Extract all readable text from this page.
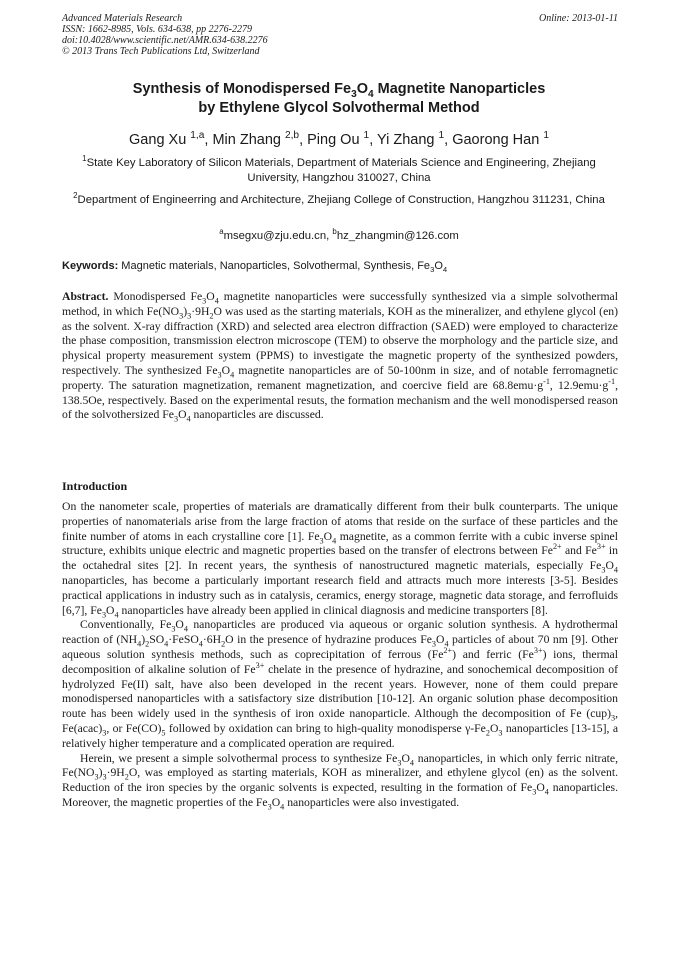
Advanced Materials Research
ISSN: 1662-8985, Vols. 634-638, pp 2276-2279
doi:10.4028/www.scientific.net/AMR.634-638.2276
© 2013 Trans Tech Publications Ltd, Switzerland
Online: 2013-01-11
Synthesis of Monodispersed $Fe_3O_4$ Magnetite Nanoparticles
by Ethylene Glycol Solvothermal Method
Gang Xu $^{1,a}$, Min Zhang $^{2,b}$, Ping Ou $^1$, Yi Zhang $^1$, Gaorong Han $^1$
$^1$State Key Laboratory of Silicon Materials, Department of Materials Science and Engineering, Zhejiang University, Hangzhou 310027, China
$^2$Department of Engineerring and Architecture, Zhejiang College of Construction, Hangzhou 311231, China
$^a$msegxu@zju.edu.cn, $^b$hz_zhangmin@126.com
Keywords: Magnetic materials, Nanoparticles, Solvothermal, Synthesis, $Fe_3O_4$
Abstract. Monodispersed $Fe_3O_4$ magnetite nanoparticles were successfully synthesized via a simple solvothermal method, in which $Fe(NO_3)_3\cdot 9H_2O$ was used as the starting materials, KOH as the mineralizer, and ethylene glycol (en) as the solvent. X-ray diffraction (XRD) and selected area electron diffraction (SAED) were employed to characterize the phase composition, transmission electron microscope (TEM) to observe the morphology and the particle size, and physical property measurement system (PPMS) to investigate the magnetic property of the synthesized powders, respectively. The synthesized $Fe_3O_4$ magnetite nanoparticles are of 50-100nm in size, and of notable ferromagnetic property. The saturation magnetization, remanent magnetization, and coercive field are $68.8emu\cdot g^{-1}$, $12.9emu\cdot g^{-1}$, 138.5Oe, respectively. Based on the experimental resuts, the formation mechanism and the well monodispersed reason of the solvothersized $Fe_3O_4$ nanoparticles are discussed.
Introduction

On the nanometer scale, properties of materials are dramatically different from their bulk counterparts. The unique properties of nanomaterials arise from the large fraction of atoms that reside on the surface of these particles and the finite number of atoms in each crystalline core [1]. $Fe_3O_4$ magnetite, as a common ferrite with a cubic inverse spinel structure, exhibits unique electric and magnetic properties based on the transfer of electrons between $Fe^{2+}$ and $Fe^{3+}$ in the octahedral sites [2]. In recent years, the synthesis of nanostructured magnetic materials, especially $Fe_3O_4$ nanoparticles, has become a particularly important research field and attracts much more interests [3-5]. Besides practical applications in industry such as in catalysis, ceramics, energy storage, magnetic data storage, and ferrofluids [6,7], $Fe_3O_4$ nanoparticles have already been applied in clinical diagnosis and medicine transporters [8].

Conventionally, $Fe_3O_4$ nanoparticles are produced via aqueous or organic solution synthesis. A hydrothermal reaction of $(NH_4)_2SO_4\cdot FeSO_4\cdot 6H_2O$ in the presence of hydrazine produces $Fe_3O_4$ particles of about 70 nm [9]. Other aqueous solution synthesis methods, such as coprecipitation of ferrous $(Fe^{2+})$ and ferric $(Fe^{3+})$ ions, thermal decomposition of alkaline solution of $Fe^{3+}$ chelate in the presence of hydrazine, and sonochemical decomposition of hydrolyzed Fe(II) salt, have also been developed in the recent years. However, none of them could prepare monodispersed nanoparticles with a satisfactory size distribution [10-12]. An organic solution phase decomposition route has been widely used in the synthesis of iron oxide nanoparticle. Although the decomposition of Fe $(cup)_3$, $Fe(acac)_3$, or $Fe(CO)_5$ followed by oxidation can bring to high-quality monodisperse $\gamma-Fe_2O_3$ nanoparticles [13-15], a relatively higher temperature and a complicated operation are required.

Herein, we present a simple solvothermal process to synthesize $Fe_3O_4$ nanoparticles, in which only ferric nitrate, $Fe(NO_3)_3\cdot 9H_2O$, was employed as starting materials, KOH as mineralizer, and ethylene glycol (en) as the solvent. Reduction of the iron species by the organic solvents is expected, resulting in the formation of $Fe_3O_4$ nanoparticles. Moreover, the magnetic properties of the $Fe_3O_4$ nanoparticles were also investigated.
